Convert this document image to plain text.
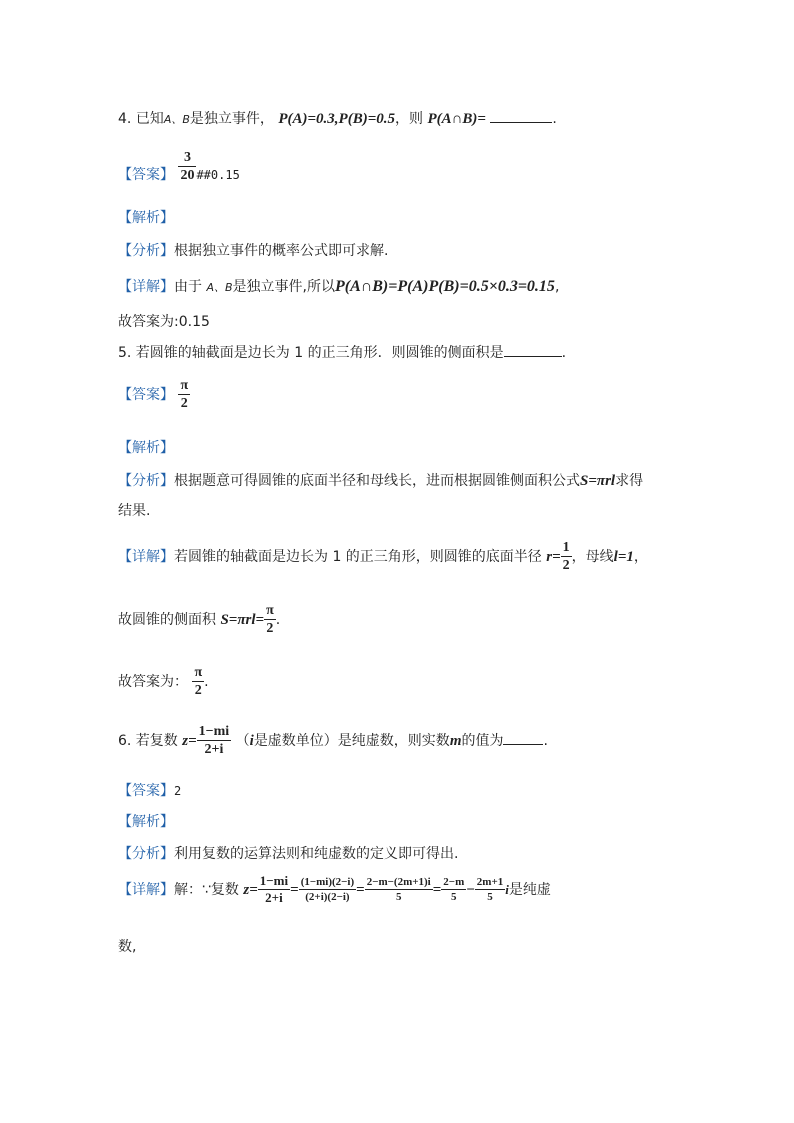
4. 已知A、B是独立事件， P(A)=0.3,P(B)=0.5，则 P(A∩B)=	.
【答案】 $\frac{3}{20}$ ##0.15
【解析】
【分析】根据独立事件的概率公式即可求解.
【详解】由于 A、B是独立事件,所以P(A∩B)=P(A)P(B)=0.5×0.3=0.15,
故答案为:0.15
5. 若圆锥的轴截面是边长为 1 的正三角形．则圆锥的侧面积是	.
【答案】 $\frac{\pi}{2}$
【解析】
【分析】根据题意可得圆锥的底面半径和母线长，进而根据圆锥侧面积公式S=πrl求得
结果.
【详解】若圆锥的轴截面是边长为 1 的正三角形，则圆锥的底面半径 $r= \frac{1}{2}$ ，母线l=1，
故圆锥的侧面积 $S=\pi rl= \frac{\pi}{2}$ .
故答案为： $\frac{\pi}{2}$ .
6. 若复数 $z= \frac{1-mi}{2+i} (i$是虚数单位）是纯虚数，则实数m的值为	.
【答案】2
【解析】
【分析】利用复数的运算法则和纯虚数的定义即可得出.
【详解】解：∵复数 $z= \frac{1-mi}{2+i} = \frac{(1-mi)(2-i)}{(2+i)(2-i)} = \frac{2-m-(2m+1)i}{5} = \frac{2-m}{5} - \frac{2m+1}{5}$ i是纯虚
数,
